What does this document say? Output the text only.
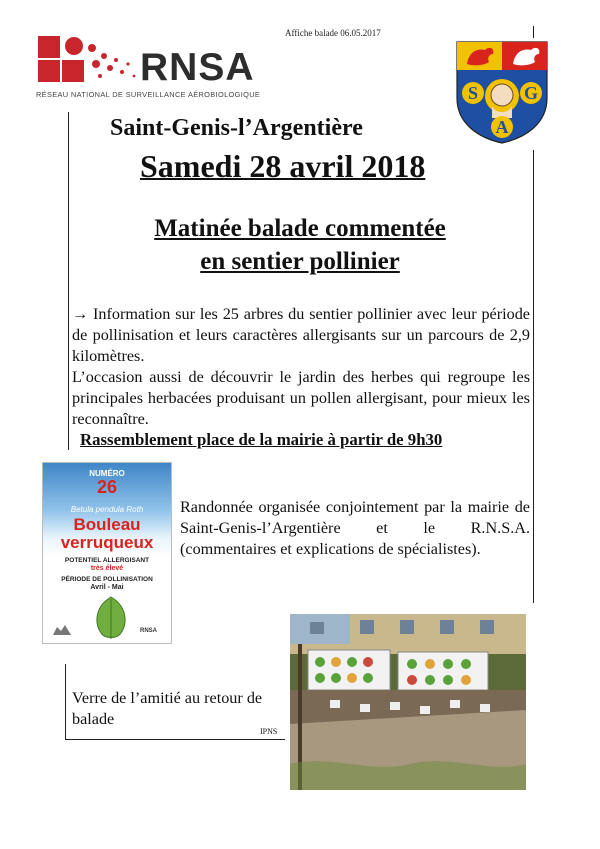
Affiche balade 06.05.2017
RNSA
RÉSEAU NATIONAL DE SURVEILLANCE AÉROBIOLOGIQUE	S	G
A
Saint-Genis-l’Argentière
Samedi 28 avril 2018
Matinée balade commentée
en sentier pollinier
→ Information sur les 25 arbres du sentier pollinier avec leur période de pollinisation et leurs caractères allergisants sur un parcours de 2,9 kilomètres.
L’occasion aussi de découvrir le jardin des herbes qui regroupe les principales herbacées produisant un pollen allergisant, pour mieux les reconnaître.
Rassemblement place de la mairie à partir de 9h30
NUMÉRO
26
Betula pendula Roth
Bouleau
verruqueux
POTENTIEL ALLERGISANT
très élevé
PÉRIODE DE POLLINISATION
Avril - Mai
RNSA
Randonnée organisée conjointement par la mairie de Saint-Genis-l’Argentière et le R.N.S.A. (commentaires et explications de spécialistes).
Verre de l’amitié au retour de balade
IPNS
